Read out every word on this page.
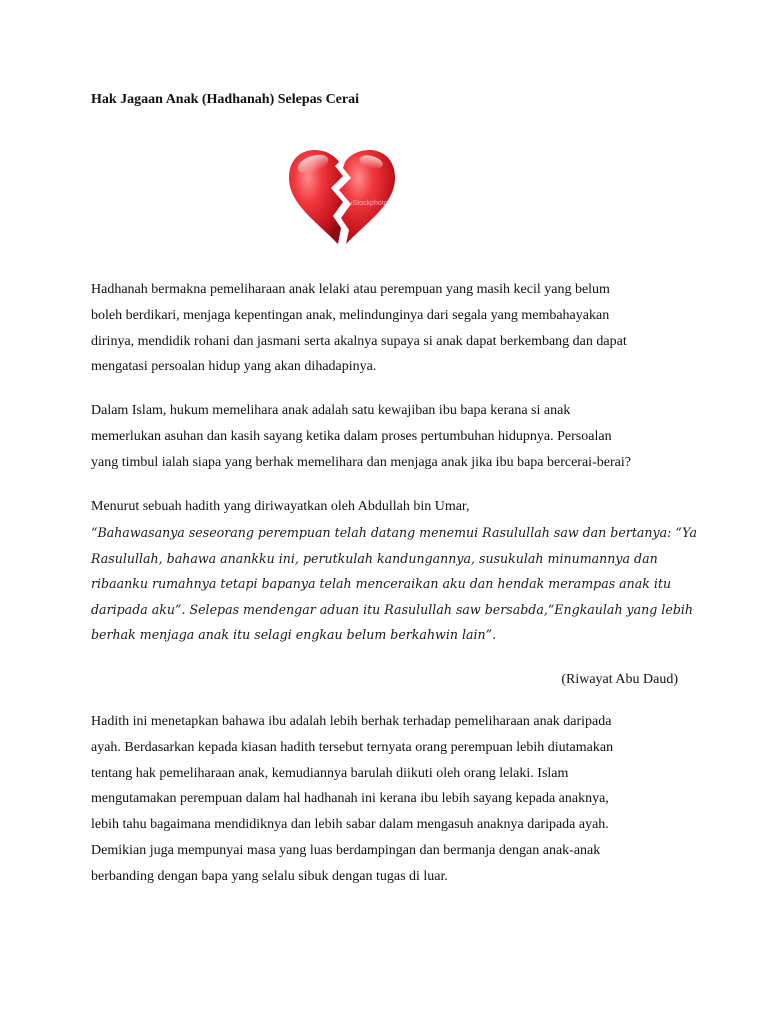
Hak Jagaan Anak (Hadhanah) Selepas Cerai
iStockphoto

Hadhanah bermakna pemeliharaan anak lelaki atau perempuan yang masih kecil yang belum
boleh berdikari, menjaga kepentingan anak, melindunginya dari segala yang membahayakan
dirinya, mendidik rohani dan jasmani serta akalnya supaya si anak dapat berkembang dan dapat
mengatasi persoalan hidup yang akan dihadapinya.

Dalam Islam, hukum memelihara anak adalah satu kewajiban ibu bapa kerana si anak
memerlukan asuhan dan kasih sayang ketika dalam proses pertumbuhan hidupnya. Persoalan
yang timbul ialah siapa yang berhak memelihara dan menjaga anak jika ibu bapa bercerai-berai?

Menurut sebuah hadith yang diriwayatkan oleh Abdullah bin Umar,

“Bahawasanya seseorang perempuan telah datang menemui Rasulullah saw dan bertanya: “Ya
Rasulullah, bahawa anankku ini, perutkulah kandungannya, susukulah minumannya dan
ribaanku rumahnya tetapi bapanya telah menceraikan aku dan hendak merampas anak itu
daripada aku”. Selepas mendengar aduan itu Rasulullah saw bersabda,“Engkaulah yang lebih
berhak menjaga anak itu selagi engkau belum berkahwin lain”.

(Riwayat Abu Daud)

Hadith ini menetapkan bahawa ibu adalah lebih berhak terhadap pemeliharaan anak daripada
ayah. Berdasarkan kepada kiasan hadith tersebut ternyata orang perempuan lebih diutamakan
tentang hak pemeliharaan anak, kemudiannya barulah diikuti oleh orang lelaki. Islam
mengutamakan perempuan dalam hal hadhanah ini kerana ibu lebih sayang kepada anaknya,
lebih tahu bagaimana mendidiknya dan lebih sabar dalam mengasuh anaknya daripada ayah.
Demikian juga mempunyai masa yang luas berdampingan dan bermanja dengan anak-anak
berbanding dengan bapa yang selalu sibuk dengan tugas di luar.
